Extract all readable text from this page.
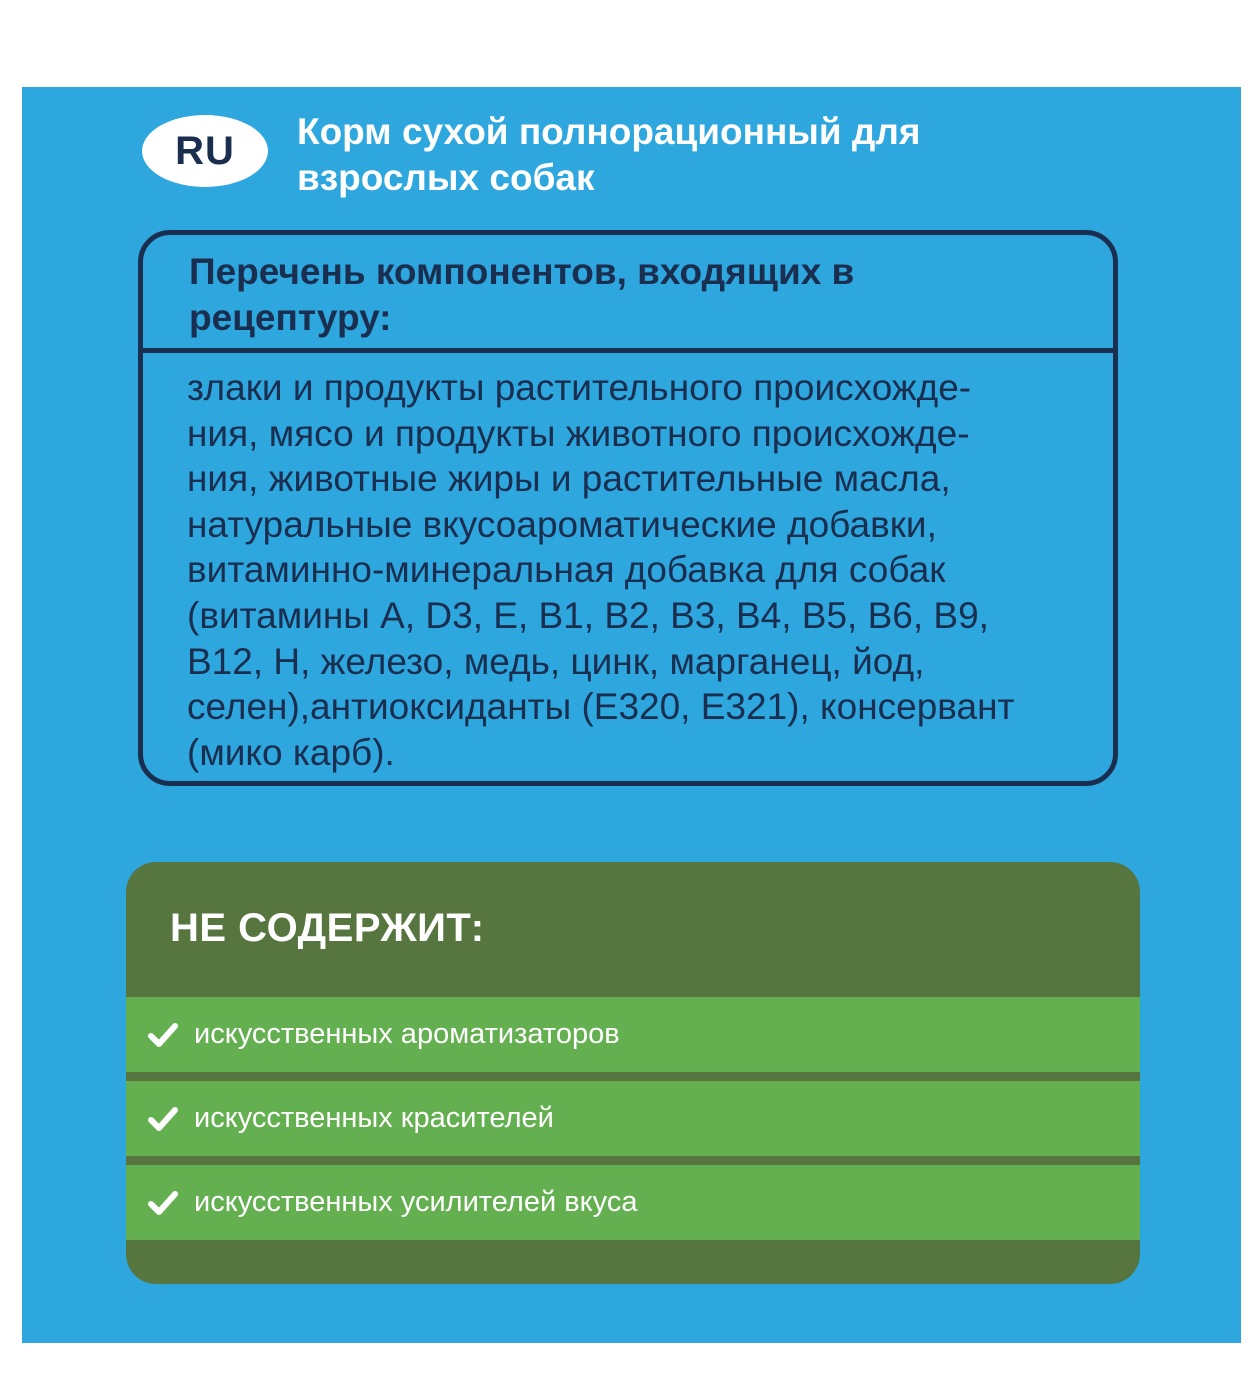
RU Корм сухой полнорационный для
взрослых собак
Перечень компонентов, входящих в
рецептуру:
злаки и продукты растительного происхожде-
ния, мясо и продукты животного происхожде-
ния, животные жиры и растительные масла,
натуральные вкусоароматические добавки,
витаминно-минеральная добавка для собак
(витамины A, D3, E, B1, B2, B3, B4, B5, B6, B9,
B12, H, железо, медь, цинк, марганец, йод,
селен),антиоксиданты (E320, E321), консервант
(мико карб).
НЕ СОДЕРЖИТ:
искусственных ароматизаторов
искусственных красителей
искусственных усилителей вкуса
